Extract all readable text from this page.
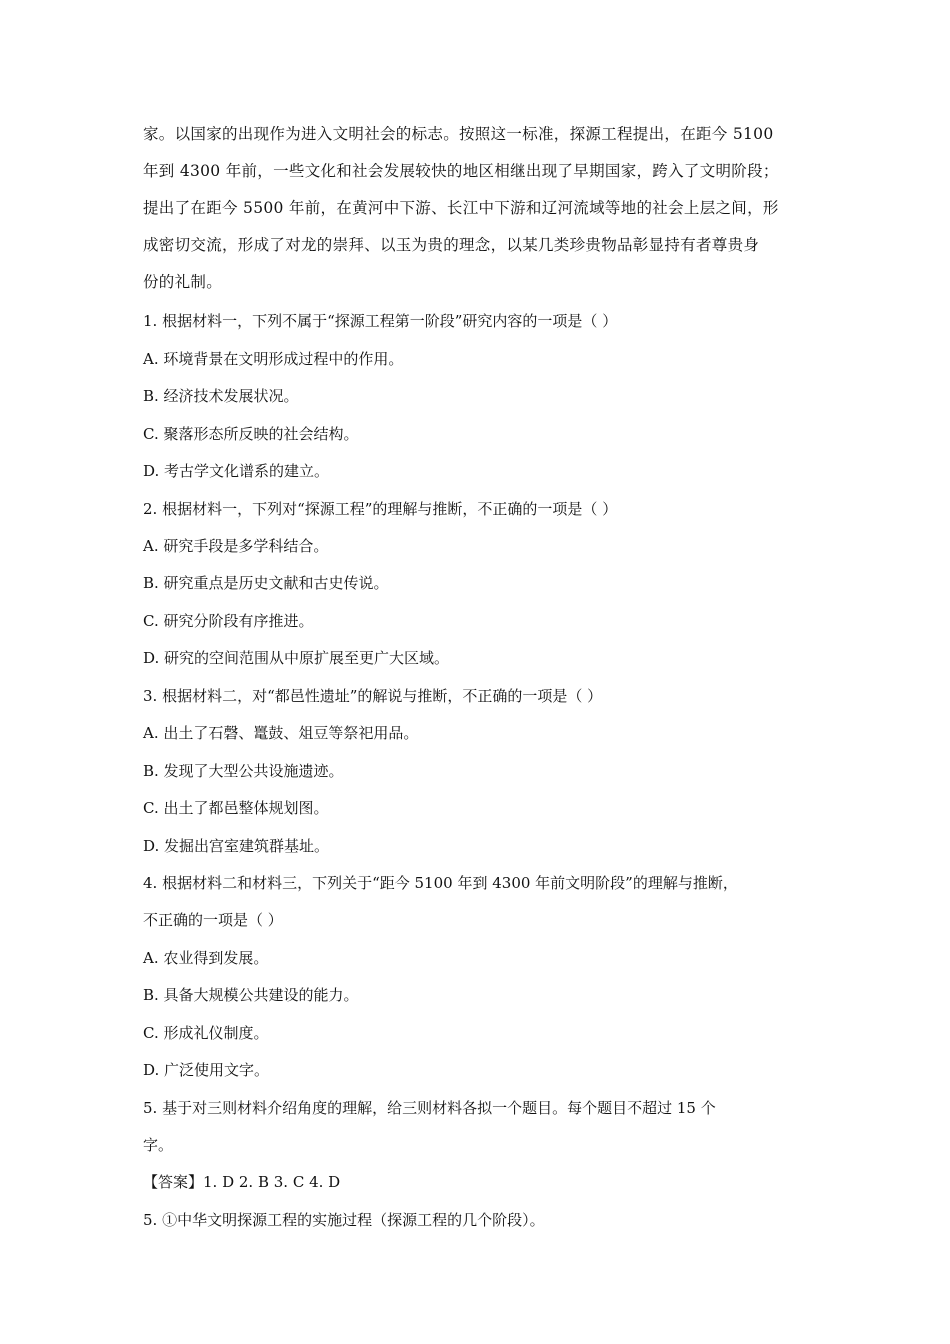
家。以国家的出现作为进入文明社会的标志。按照这一标准，探源工程提出，在距今 5100
年到 4300 年前，一些文化和社会发展较快的地区相继出现了早期国家，跨入了文明阶段；
提出了在距今 5500 年前，在黄河中下游、长江中下游和辽河流域等地的社会上层之间，形
成密切交流，形成了对龙的崇拜、以玉为贵的理念，以某几类珍贵物品彰显持有者尊贵身
份的礼制。
1. 根据材料一，下列不属于“探源工程第一阶段”研究内容的一项是（ ）
A. 环境背景在文明形成过程中的作用。
B. 经济技术发展状况。
C. 聚落形态所反映的社会结构。
D. 考古学文化谱系的建立。
2. 根据材料一，下列对“探源工程”的理解与推断，不正确的一项是（ ）
A. 研究手段是多学科结合。
B. 研究重点是历史文献和古史传说。
C. 研究分阶段有序推进。
D. 研究的空间范围从中原扩展至更广大区域。
3. 根据材料二，对“都邑性遗址”的解说与推断，不正确的一项是（ ）
A. 出土了石磬、鼍鼓、俎豆等祭祀用品。
B. 发现了大型公共设施遗迹。
C. 出土了都邑整体规划图。
D. 发掘出宫室建筑群基址。
4. 根据材料二和材料三，下列关于“距今 5100 年到 4300 年前文明阶段”的理解与推断，
不正确的一项是（ ）
A. 农业得到发展。
B. 具备大规模公共建设的能力。
C. 形成礼仪制度。
D. 广泛使用文字。
5. 基于对三则材料介绍角度的理解，给三则材料各拟一个题目。每个题目不超过 15 个
字。
【答案】1. D 2. B 3. C 4. D
5. ①中华文明探源工程的实施过程（探源工程的几个阶段）。
